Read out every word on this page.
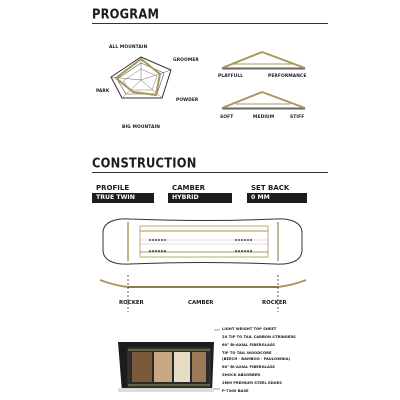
PROGRAM
ALL MOUNTAIN
GROOMER
POWDER
BIG MOUNTAIN
PARK
PLAYFULL	PERFORMANCE
SOFT	MEDIUM	STIFF
CONSTRUCTION
PROFILE
TRUE TWIN
CAMBER
HYBRID
SET BACK
0 MM
ROCKER	CAMBER	ROCKER
LIGHT WEIGHT TOP SHEET
2X TIP TO TAIL CARBON STRINGERS
60° BI-AXIAL FIBERGLASS
TIP TO TAIL WOODCORE
(BEECH · BAMBOO · PAULOWNIA)
60° BI-AXIAL FIBERGLASS
SHOCK ABSORBER
2MM PREMIUM STEEL EDGES
P-7200 BASE
